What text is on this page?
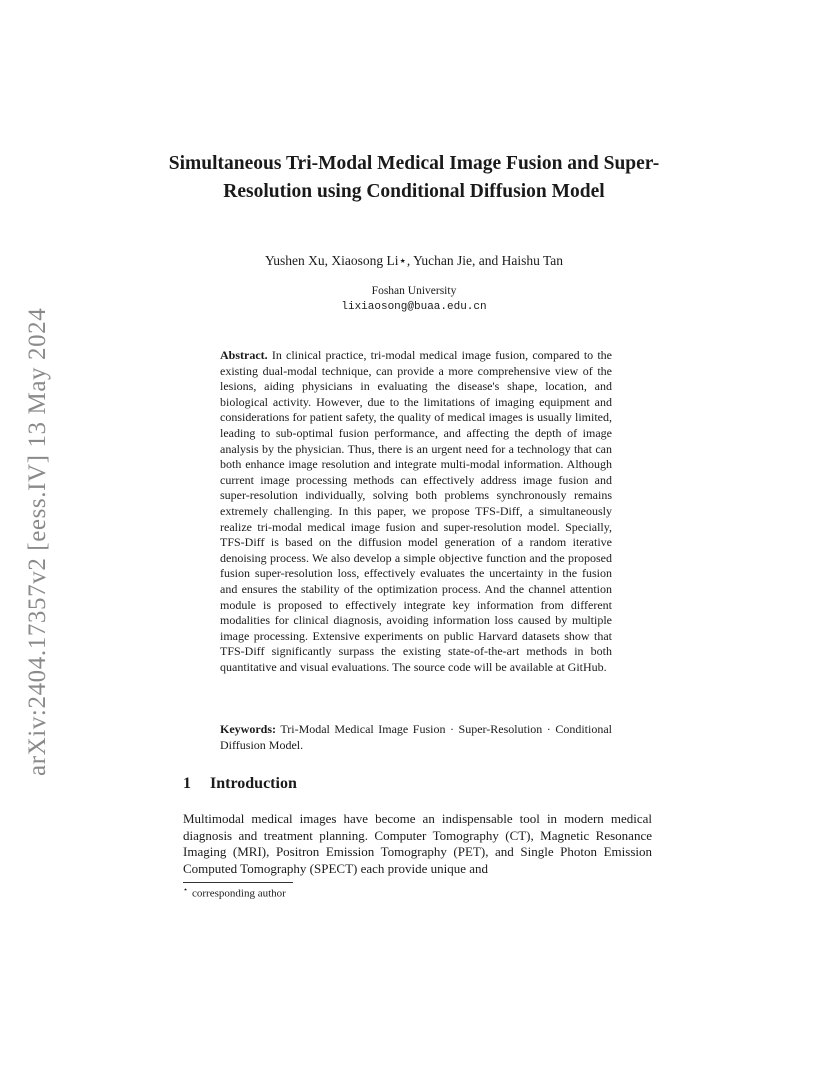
arXiv:2404.17357v2 [eess.IV] 13 May 2024
Simultaneous Tri-Modal Medical Image Fusion and Super-Resolution using Conditional Diffusion Model
Yushen Xu, Xiaosong Li⋆, Yuchan Jie, and Haishu Tan
Foshan University
lixiaosong@buaa.edu.cn
Abstract. In clinical practice, tri-modal medical image fusion, compared to the existing dual-modal technique, can provide a more comprehensive view of the lesions, aiding physicians in evaluating the disease's shape, location, and biological activity. However, due to the limitations of imaging equipment and considerations for patient safety, the quality of medical images is usually limited, leading to sub-optimal fusion performance, and affecting the depth of image analysis by the physician. Thus, there is an urgent need for a technology that can both enhance image resolution and integrate multi-modal information. Although current image processing methods can effectively address image fusion and super-resolution individually, solving both problems synchronously remains extremely challenging. In this paper, we propose TFS-Diff, a simultaneously realize tri-modal medical image fusion and super-resolution model. Specially, TFS-Diff is based on the diffusion model generation of a random iterative denoising process. We also develop a simple objective function and the proposed fusion super-resolution loss, effectively evaluates the uncertainty in the fusion and ensures the stability of the optimization process. And the channel attention module is proposed to effectively integrate key information from different modalities for clinical diagnosis, avoiding information loss caused by multiple image processing. Extensive experiments on public Harvard datasets show that TFS-Diff significantly surpass the existing state-of-the-art methods in both quantitative and visual evaluations. The source code will be available at GitHub.
Keywords: Tri-Modal Medical Image Fusion · Super-Resolution · Conditional Diffusion Model.
1 Introduction
Multimodal medical images have become an indispensable tool in modern medical diagnosis and treatment planning. Computer Tomography (CT), Magnetic Resonance Imaging (MRI), Positron Emission Tomography (PET), and Single Photon Emission Computed Tomography (SPECT) each provide unique and
⋆ corresponding author
